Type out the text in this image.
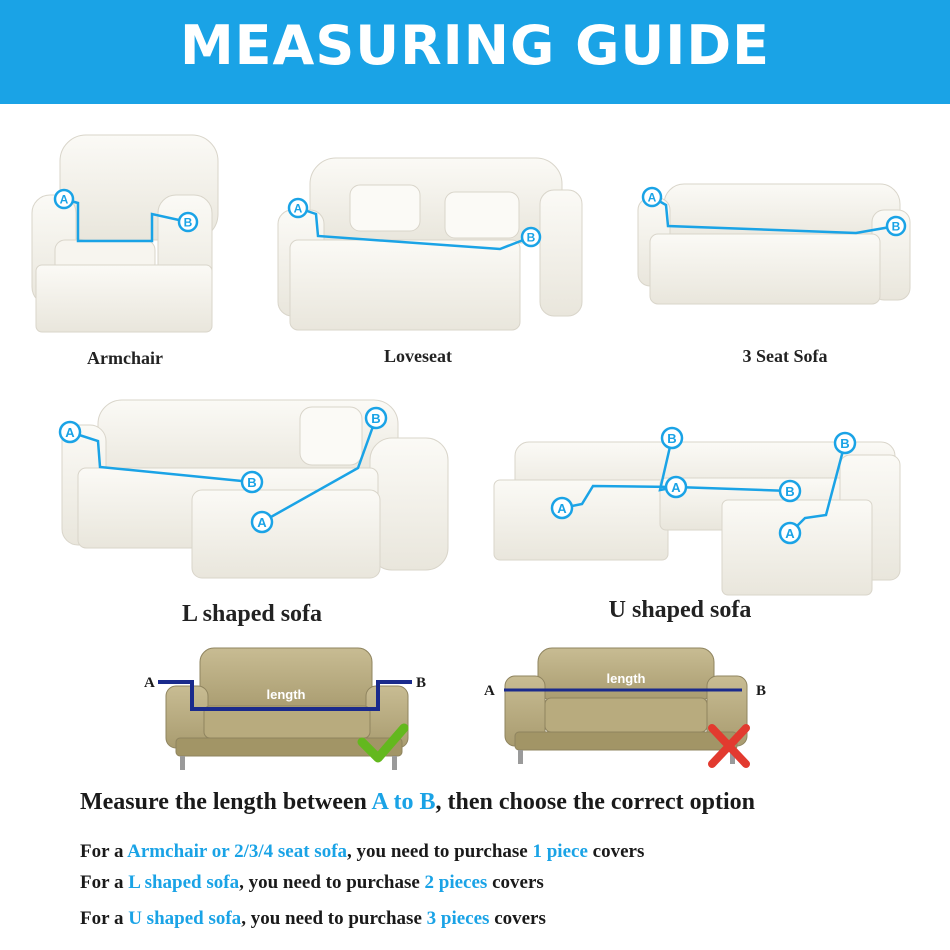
MEASURING GUIDE
A
B
A
B
A
B
A
B
B
A
A
B
A	B
B
A
A	B
length	A	B
length
Armchair	Loveseat	3 Seat Sofa
L shaped sofa	U shaped sofa
Measure the length between A to B, then choose the correct option
For a Armchair or 2/3/4 seat sofa, you need to purchase 1 piece covers
For a L shaped sofa, you need to purchase 2 pieces covers
For a U shaped sofa, you need to purchase 3 pieces covers
